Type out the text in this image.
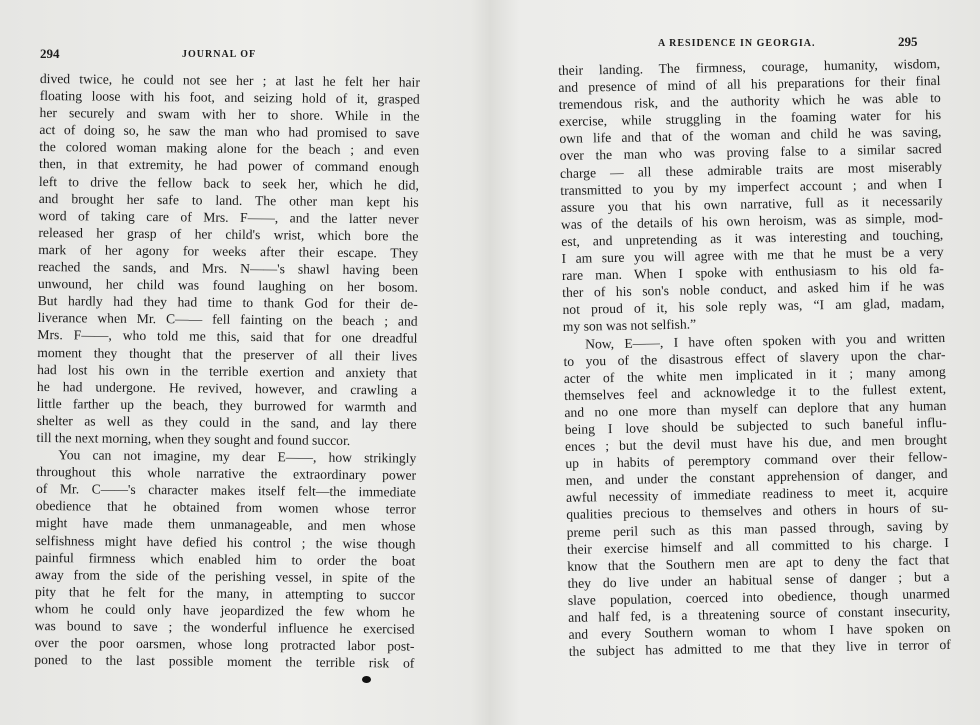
294	JOURNAL OF
dived twice, he could not see her ; at last he felt her hair
floating loose with his foot, and seizing hold of it, grasped
her securely and swam with her to shore. While in the
act of doing so, he saw the man who had promised to save
the colored woman making alone for the beach ; and even
then, in that extremity, he had power of command enough
left to drive the fellow back to seek her, which he did,
and brought her safe to land. The other man kept his
word of taking care of Mrs. F——, and the latter never
released her grasp of her child's wrist, which bore the
mark of her agony for weeks after their escape. They
reached the sands, and Mrs. N——'s shawl having been
unwound, her child was found laughing on her bosom.
But hardly had they had time to thank God for their de-
liverance when Mr. C—— fell fainting on the beach ; and
Mrs. F——, who told me this, said that for one dreadful
moment they thought that the preserver of all their lives
had lost his own in the terrible exertion and anxiety that
he had undergone. He revived, however, and crawling a
little farther up the beach, they burrowed for warmth and
shelter as well as they could in the sand, and lay there
till the next morning, when they sought and found succor.
You can not imagine, my dear E——, how strikingly
throughout this whole narrative the extraordinary power
of Mr. C——'s character makes itself felt—the immediate
obedience that he obtained from women whose terror
might have made them unmanageable, and men whose
selfishness might have defied his control ; the wise though
painful firmness which enabled him to order the boat
away from the side of the perishing vessel, in spite of the
pity that he felt for the many, in attempting to succor
whom he could only have jeopardized the few whom he
was bound to save ; the wonderful influence he exercised
over the poor oarsmen, whose long protracted labor post-
poned to the last possible moment the terrible risk of
A RESIDENCE IN GEORGIA.	295
their landing. The firmness, courage, humanity, wisdom,
and presence of mind of all his preparations for their final
tremendous risk, and the authority which he was able to
exercise, while struggling in the foaming water for his
own life and that of the woman and child he was saving,
over the man who was proving false to a similar sacred
charge — all these admirable traits are most miserably
transmitted to you by my imperfect account ; and when I
assure you that his own narrative, full as it necessarily
was of the details of his own heroism, was as simple, mod-
est, and unpretending as it was interesting and touching,
I am sure you will agree with me that he must be a very
rare man. When I spoke with enthusiasm to his old fa-
ther of his son's noble conduct, and asked him if he was
not proud of it, his sole reply was, “I am glad, madam,
my son was not selfish.”
Now, E——, I have often spoken with you and written
to you of the disastrous effect of slavery upon the char-
acter of the white men implicated in it ; many among
themselves feel and acknowledge it to the fullest extent,
and no one more than myself can deplore that any human
being I love should be subjected to such baneful influ-
ences ; but the devil must have his due, and men brought
up in habits of peremptory command over their fellow-
men, and under the constant apprehension of danger, and
awful necessity of immediate readiness to meet it, acquire
qualities precious to themselves and others in hours of su-
preme peril such as this man passed through, saving by
their exercise himself and all committed to his charge. I
know that the Southern men are apt to deny the fact that
they do live under an habitual sense of danger ; but a
slave population, coerced into obedience, though unarmed
and half fed, is a threatening source of constant insecurity,
and every Southern woman to whom I have spoken on
the subject has admitted to me that they live in terror of
